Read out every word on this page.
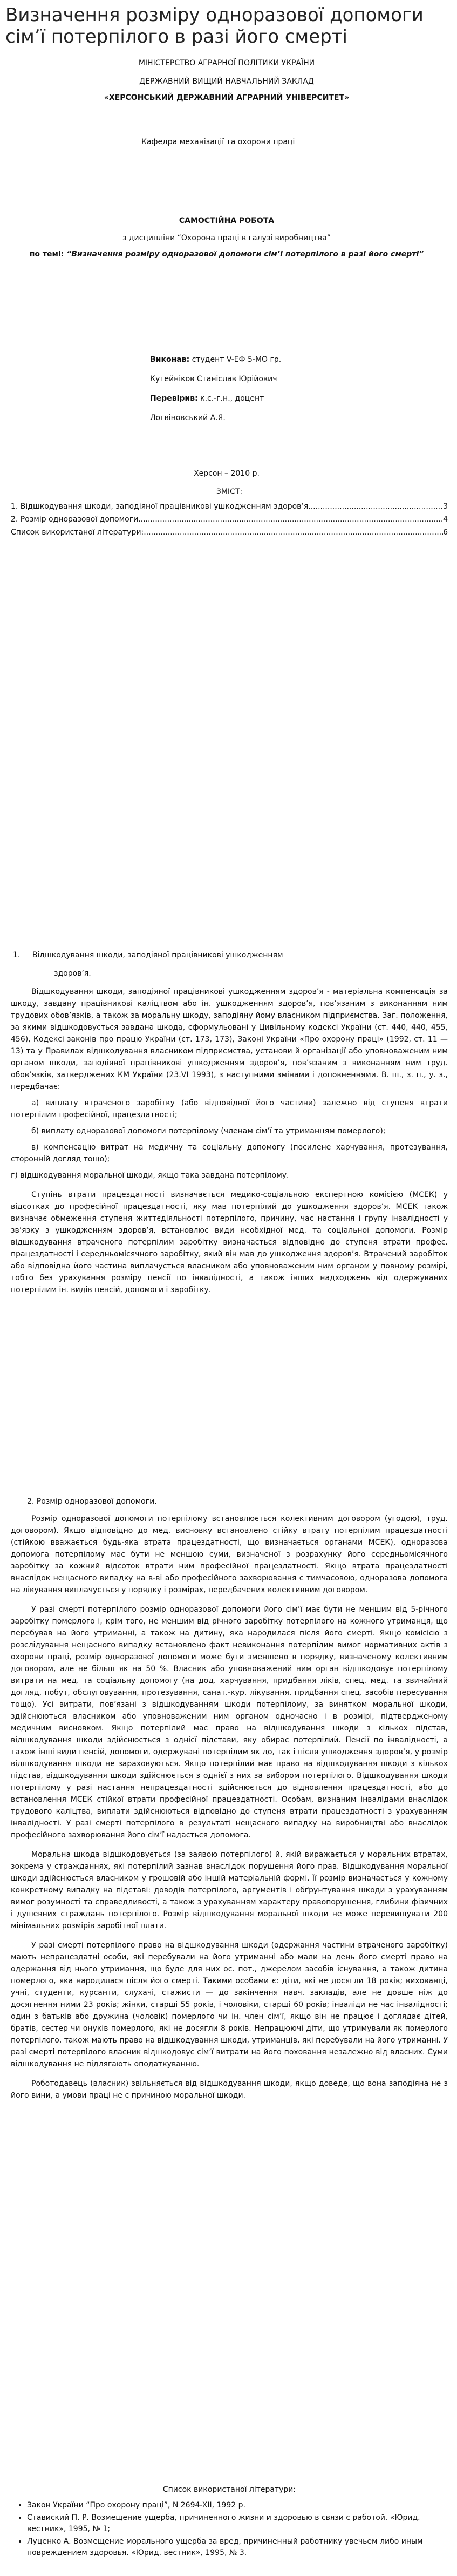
Визначення розміру одноразової допомоги сім’ї потерпілого в разі його смерті

МІНІСТЕРСТВО АГРАРНОЇ ПОЛІТИКИ УКРАЇНИ

ДЕРЖАВНИЙ ВИЩИЙ НАВЧАЛЬНИЙ ЗАКЛАД

«ХЕРСОНСЬКИЙ ДЕРЖАВНИЙ АГРАРНИЙ УНІВЕРСИТЕТ»

Кафедра механізації та охорони праці

САМОСТІЙНА РОБОТА

з дисципліни “Охорона праці в галузі виробництва”

по темі: “Визначення розміру одноразової допомоги сім’ї потерпілого в разі його смерті”

Виконав: студент V-ЕФ 5-МО гр.

Кутейніков Станіслав Юрійович

Перевірив: к.с.-г.н., доцент

Логвіновський А.Я.

Херсон – 2010 р.

ЗМІСТ:

1. Відшкодування шкоди, заподіяної працівникові ушкодженням здоров’я .....	3
2. Розмір одноразової допомоги .....	4
Список використаної літератури: .....	6

1. Відшкодування шкоди, заподіяної працівникові ушкодженням

здоров’я.

Відшкодування шкоди, заподіяної працівникові ушкодженням здоров’я - матеріальна компенсація за шкоду, завдану працівникові каліцтвом або ін. ушкодженням здоров’я, пов’язаним з виконанням ним трудових обов’язків, а також за моральну шкоду, заподіяну йому власником підприємства. Заг. положення, за якими відшкодовується завдана шкода, сформульовані у Цивільному кодексі України (ст. 440, 440, 455, 456), Кодексі законів про працю України (ст. 173, 173), Законі України «Про охорону праці» (1992, ст. 11 — 13) та у Правилах відшкодування власником підприємства, установи й організації або уповноваженим ним органом шкоди, заподіяної працівникові ушкодженням здоров’я, пов’язаним з виконанням ним труд. обов’язків, затверджених КМ України (23.VI 1993), з наступними змінами і доповненнями. В. ш., з. п., у. з., передбачає:

а) виплату втраченого заробітку (або відповідної його частини) залежно від ступеня втрати потерпілим професійної, працездатності;

б) виплату одноразової допомоги потерпілому (членам сім’ї та утриманцям померлого);

в) компенсацію витрат на медичну та соціальну допомогу (посилене харчування, протезування, сторонній догляд тощо);

г) відшкодування моральної шкоди, якщо така завдана потерпілому.

Ступінь втрати працездатності визначається медико-соціальною експертною комісією (МСЕК) у відсотках до професійної працездатності, яку мав потерпілий до ушкодження здоров’я. МСЕК також визначає обмеження ступеня життєдіяльності потерпілого, причину, час настання і групу інвалідності у зв’язку з ушкодженням здоров’я, встановлює види необхідної мед. та соціальної допомоги. Розмір відшкодування втраченого потерпілим заробітку визначається відповідно до ступеня втрати профес. працездатності і середньомісячного заробітку, який він мав до ушкодження здоров’я. Втрачений заробіток або відповідна його частина виплачується власником або уповноваженим ним органом у повному розмірі, тобто без урахування розміру пенсії по інвалідності, а також інших надходжень від одержуваних потерпілим ін. видів пенсій, допомоги і заробітку.

2. Розмір одноразової допомоги.

Розмір одноразової допомоги потерпілому встановлюється колективним договором (угодою), труд. договором). Якщо відповідно до мед. висновку встановлено стійку втрату потерпілим працездатності (стійкою вважається будь-яка втрата працездатності, що визначається органами МСЕК), одноразова допомога потерпілому має бути не меншою суми, визначеної з розрахунку його середньомісячного заробітку за кожний відсоток втрати ним професійної працездатності. Якщо втрата працездатності внаслідок нещасного випадку на в-ві або професійного захворювання є тимчасовою, одноразова допомога на лікування виплачується у порядку і розмірах, передбачених колективним договором.

У разі смерті потерпілого розмір одноразової допомоги його сім’ї має бути не меншим від 5-річного заробітку померлого і, крім того, не меншим від річного заробітку потерпілого на кожного утриманця, що перебував на його утриманні, а також на дитину, яка народилася після його смерті. Якщо комісією з розслідування нещасного випадку встановлено факт невиконання потерпілим вимог нормативних актів з охорони праці, розмір одноразової допомоги може бути зменшено в порядку, визначеному колективним договором, але не більш як на 50 %. Власник або уповноважений ним орган відшкодовує потерпілому витрати на мед. та соціальну допомогу (на дод. харчування, придбання ліків, спец. мед. та звичайний догляд, побут, обслуговування, протезування, санат.-кур. лікування, придбання спец. засобів пересування тощо). Усі витрати, пов’язані з відшкодуванням шкоди потерпілому, за винятком моральної шкоди, здійснюються власником або уповноваженим ним органом одночасно і в розмірі, підтвердженому медичним висновком. Якщо потерпілий має право на відшкодування шкоди з кількох підстав, відшкодування шкоди здійснюється з однієї підстави, яку обирає потерпілий. Пенсії по інвалідності, а також інші види пенсій, допомоги, одержувані потерпілим як до, так і після ушкодження здоров’я, у розмір відшкодування шкоди не зараховуються. Якщо потерпілий має право на відшкодування шкоди з кількох підстав, відшкодування шкоди здійснюється з однієї з них за вибором потерпілого. Відшкодування шкоди потерпілому у разі настання непрацездатності здійснюється до відновлення працездатності, або до встановлення МСЕК стійкої втрати професійної працездатності. Особам, визнаним інвалідами внаслідок трудового каліцтва, виплати здійснюються відповідно до ступеня втрати працездатності з урахуванням інвалідності. У разі смерті потерпілого в результаті нещасного випадку на виробництві або внаслідок професійного захворювання його сім’ї надається допомога.

Моральна шкода відшкодовується (за заявою потерпілого) й, якій виражається у моральних втратах, зокрема у стражданнях, які потерпілий зазнав внаслідок порушення його прав. Відшкодування моральної шкоди здійснюється власником у грошовій або іншій матеріальній формі. Її розмір визначається у кожному конкретному випадку на підставі: доводів потерпілого, аргументів і обґрунтування шкоди з урахуванням вимог розумності та справедливості, а також з урахуванням характеру правопорушення, глибини фізичних і душевних страждань потерпілого. Розмір відшкодування моральної шкоди не може перевищувати 200 мінімальних розмірів заробітної плати.

У разі смерті потерпілого право на відшкодування шкоди (одержання частини втраченого заробітку) мають непрацездатні особи, які перебували на його утриманні або мали на день його смерті право на одержання від нього утримання, що буде для них ос. пот., джерелом засобів існування, а також дитина померлого, яка народилася після його смерті. Такими особами є: діти, які не досягли 18 років; вихованці, учні, студенти, курсанти, слухачі, стажисти — до закінчення навч. закладів, але не довше ніж до досягнення ними 23 років; жінки, старші 55 років, і чоловіки, старші 60 років; інваліди не час інвалідності; один з батьків або дружина (чоловік) померлого чи ін. член сім’ї, якщо він не працює і доглядає дітей, братів, сестер чи онуків померлого, які не досягли 8 років. Непрацюючі діти, що утримували як померлого потерпілого, також мають право на відшкодування шкоди, утриманців, які перебували на його утриманні. У разі смерті потерпілого власник відшкодовує сім’ї витрати на його поховання незалежно від власних. Суми відшкодування не підлягають оподаткуванню.

Роботодавець (власник) звільняється від відшкодування шкоди, якщо доведе, що вона заподіяна не з його вини, а умови праці не є причиною моральної шкоди.

Список використаної літератури:

• Закон України “Про охорону праці”, N 2694-XII, 1992 р.
• Ставиский П. Р. Возмещение ущерба, причиненного жизни и здоровью в связи с работой. «Юрид. вестник», 1995, № 1;
• Луценко А. Возмещение морального ущерба за вред, причиненный работнику увечьем либо иным повреждением здоровья. «Юрид. вестник», 1995, № 3.
